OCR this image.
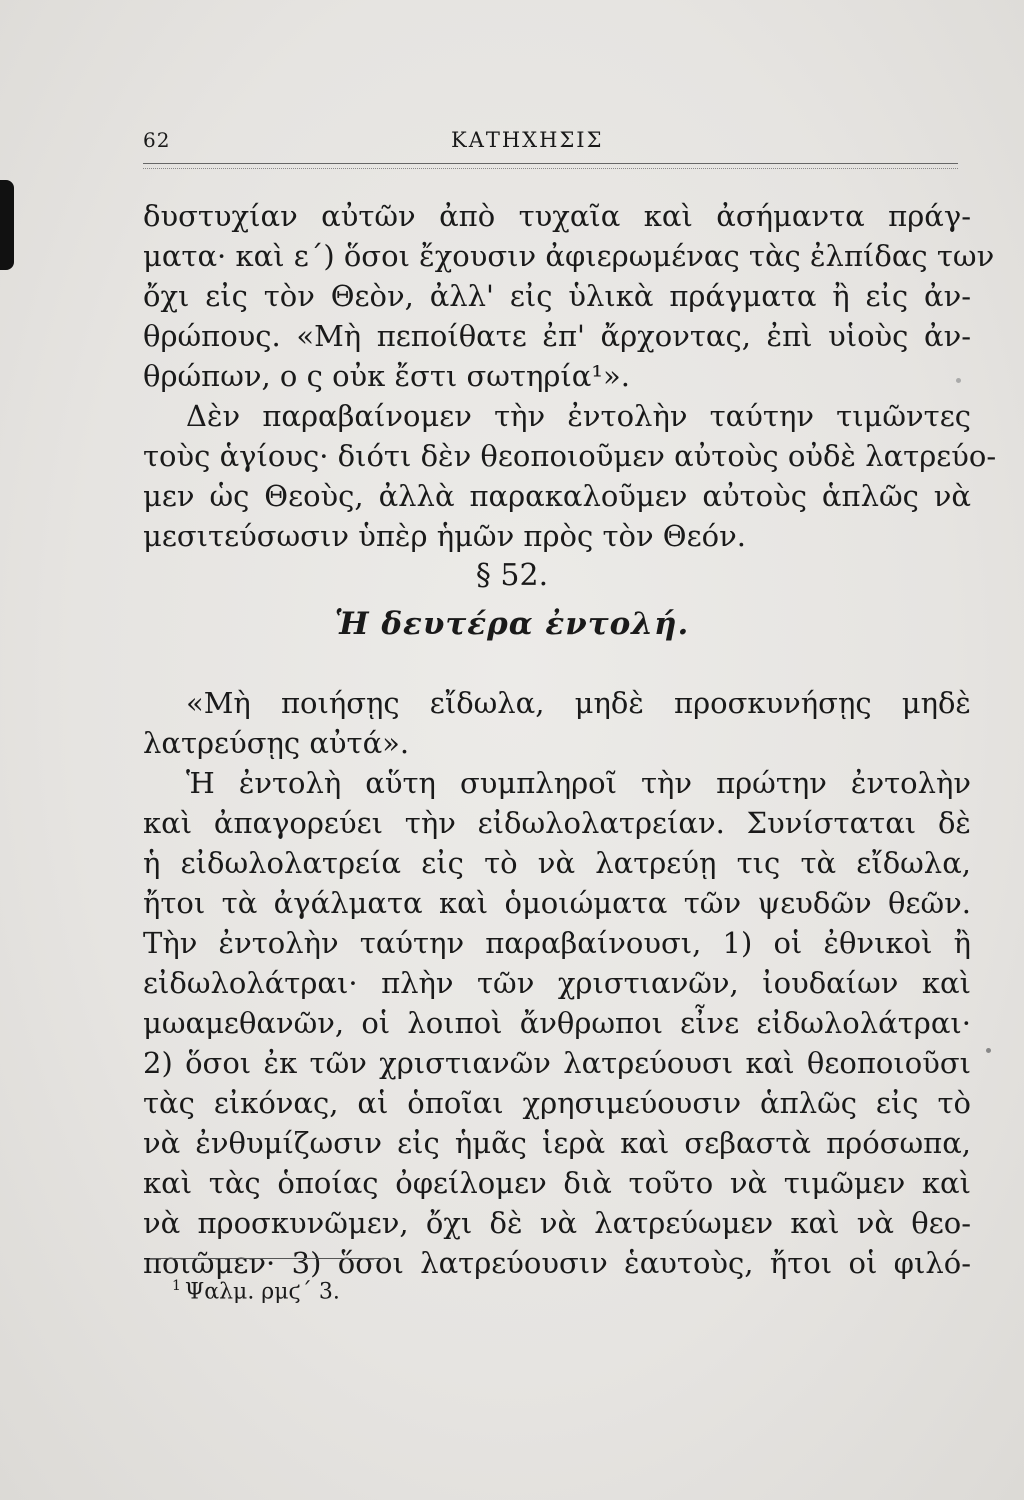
62	ΚΑΤΗΧΗΣΙΣ
δυστυχίαν αὐτῶν ἀπὸ τυχαῖα καὶ ἀσήμαντα πράγ-
ματα· καὶ ε΄) ὅσοι ἔχουσιν ἀφιερωμένας τὰς ἐλπίδας των
ὄχι εἰς τὸν Θεὸν, ἀλλ' εἰς ὑλικὰ πράγματα ἢ εἰς ἀν-
θρώπους. «Μὴ πεποίθατε ἐπ' ἄρχοντας, ἐπὶ υἱοὺς ἀν-
θρώπων, ο ς οὐκ ἔστι σωτηρία¹».
Δὲν παραβαίνομεν τὴν ἐντολὴν ταύτην τιμῶντες
τοὺς ἁγίους· διότι δὲν θεοποιοῦμεν αὐτοὺς οὐδὲ λατρεύο-
μεν ὡς Θεοὺς, ἀλλὰ παρακαλοῦμεν αὐτοὺς ἁπλῶς νὰ
μεσιτεύσωσιν ὑπὲρ ἡμῶν πρὸς τὸν Θεόν.
§ 52.
Ἡ δευτέρα ἐντολή.
«Μὴ ποιήσῃς εἴδωλα, μηδὲ προσκυνήσῃς μηδὲ
λατρεύσῃς αὐτά».
Ἡ ἐντολὴ αὕτη συμπληροῖ τὴν πρώτην ἐντολὴν
καὶ ἀπαγορεύει τὴν εἰδωλολατρείαν. Συνίσταται δὲ
ἡ εἰδωλολατρεία εἰς τὸ νὰ λατρεύῃ τις τὰ εἴδωλα,
ἤτοι τὰ ἀγάλματα καὶ ὁμοιώματα τῶν ψευδῶν θεῶν.
Τὴν ἐντολὴν ταύτην παραβαίνουσι, 1) οἱ ἐθνικοὶ ἢ
εἰδωλολάτραι· πλὴν τῶν χριστιανῶν, ἰουδαίων καὶ
μωαμεθανῶν, οἱ λοιποὶ ἄνθρωποι εἶνε εἰδωλολάτραι·
2) ὅσοι ἐκ τῶν χριστιανῶν λατρεύουσι καὶ θεοποιοῦσι
τὰς εἰκόνας, αἱ ὁποῖαι χρησιμεύουσιν ἁπλῶς εἰς τὸ
νὰ ἐνθυμίζωσιν εἰς ἡμᾶς ἱερὰ καὶ σεβαστὰ πρόσωπα,
καὶ τὰς ὁποίας ὀφείλομεν διὰ τοῦτο νὰ τιμῶμεν καὶ
νὰ προσκυνῶμεν, ὄχι δὲ νὰ λατρεύωμεν καὶ νὰ θεο-
ποιῶμεν· 3) ὅσοι λατρεύουσιν ἑαυτοὺς, ἤτοι οἱ φιλό-
$^1$ Ψαλμ. ρμϛ΄ 3.
